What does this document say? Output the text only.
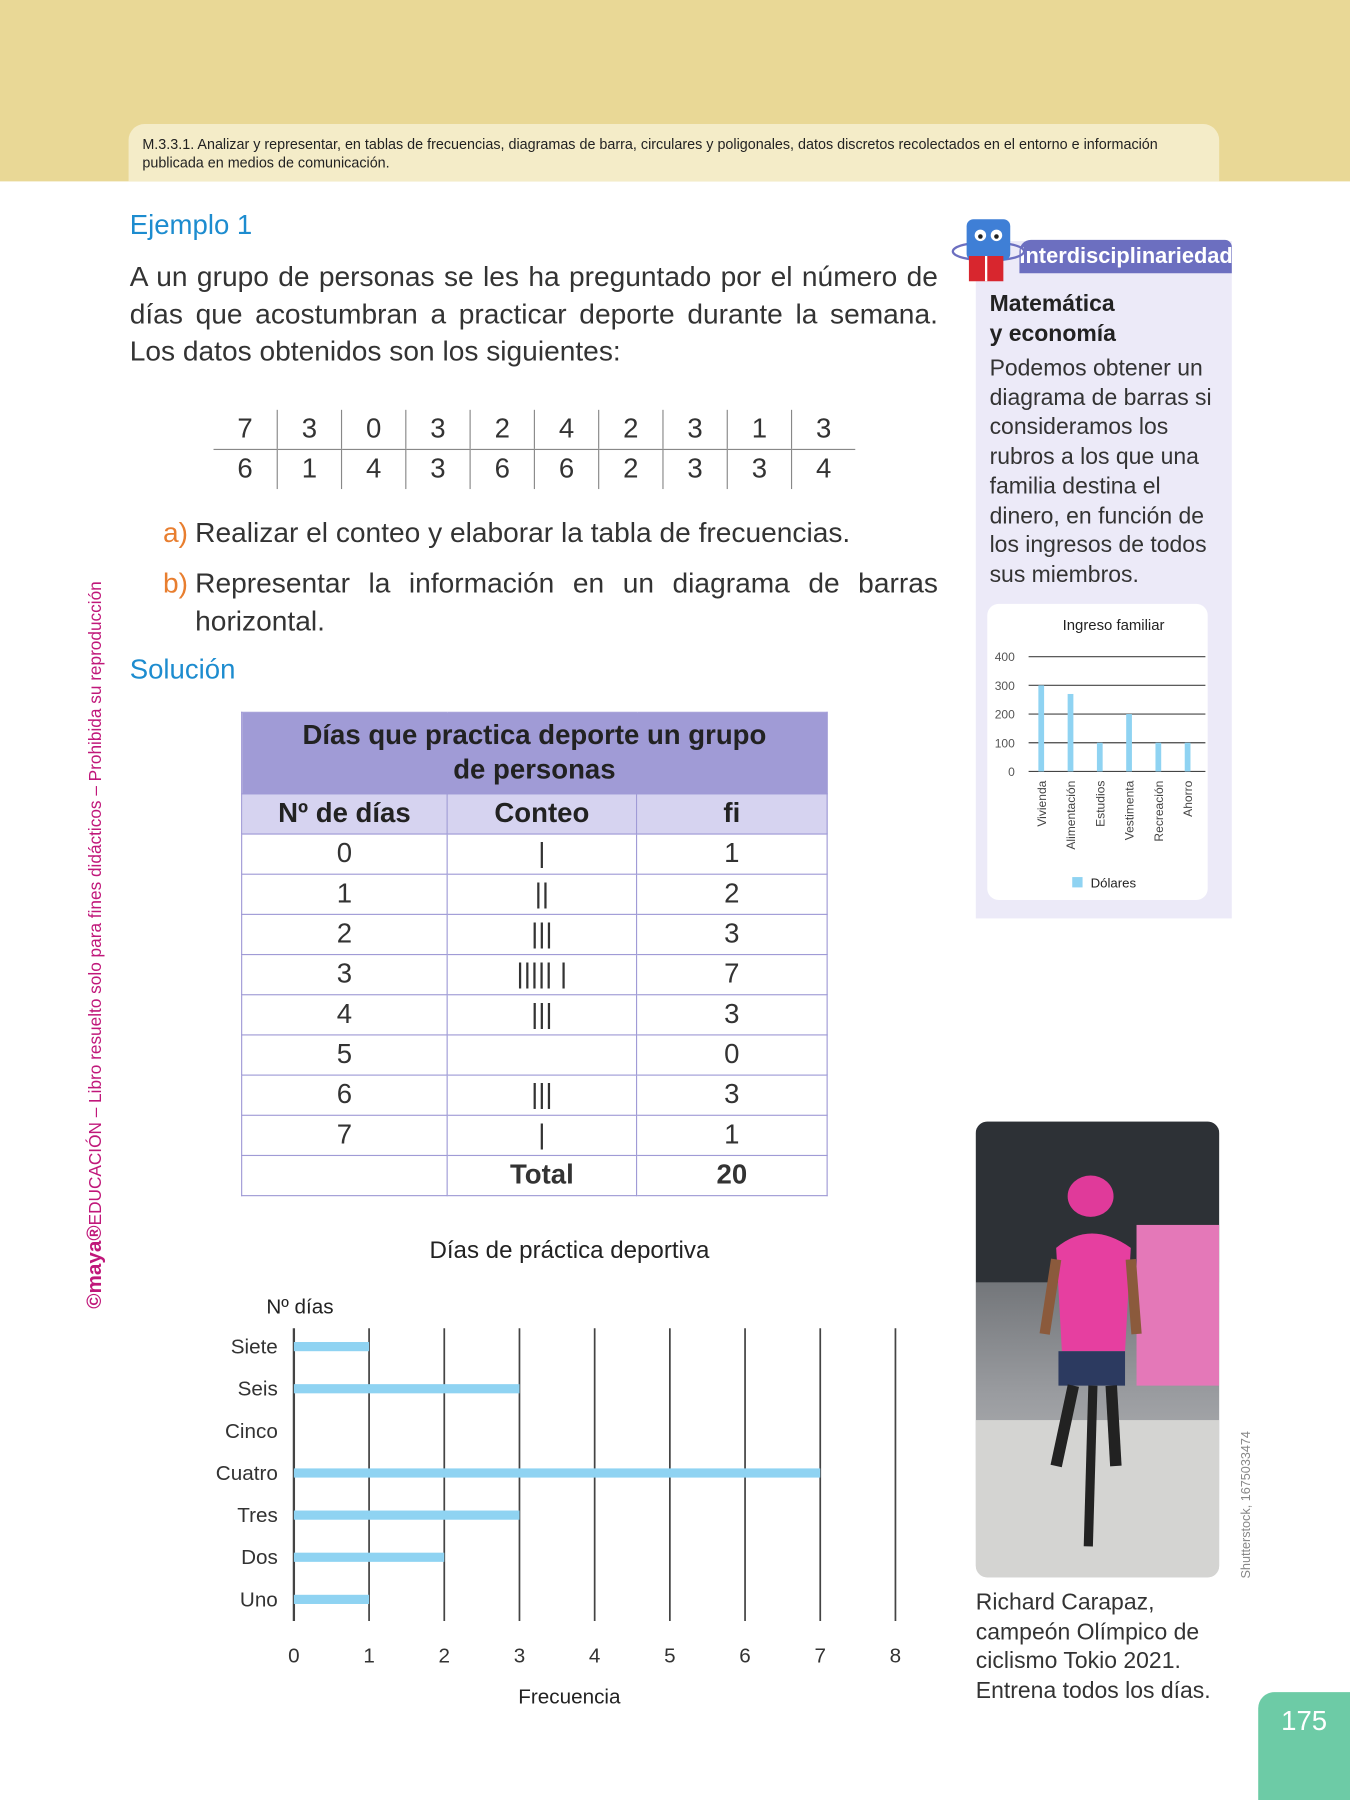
M.3.3.1. Analizar y representar, en tablas de frecuencias, diagramas de barra, circulares y poligonales, datos discretos recolectados en el entorno e información publicada en medios de comunicación.
©maya®EDUCACIÓN – Libro resuelto solo para fines didácticos – Prohibida su reproducción
Ejemplo 1
A un grupo de personas se les ha preguntado por el número de días que acostumbran a practicar deporte durante la semana. Los datos obtenidos son los siguientes:
7	3	0	3	2	4	2	3	1	3
6	1	4	3	6	6	2	3	3	4
a) Realizar el conteo y elaborar la tabla de frecuencias.
b) Representar la información en un diagrama de barras horizontal.
Solución
Días que practica deporte un grupo de personas		
Nº de días	Conteo	fi
0	|	1
1	||	2
2	|||	3
3	||||| |	7
4	|||	3
5		0
6	|||	3
7	|	1
	Total	20
Días de práctica deportiva
Nº días
0	1	2	3	4	5	6	7	8
Siete
Seis
Cinco
Cuatro
Tres
Dos
Uno
Frecuencia
Interdisciplinariedad
Matemática
y economía
Podemos obtener un diagrama de barras si consideramos los rubros a los que una familia destina el dinero, en función de los ingresos de todos sus miembros.
Ingreso familiar
0
100
200
300
400
Vivienda Alimentación Estudios Vestimenta Recreación Ahorro
Dólares
Richard Carapaz, campeón Olímpico de ciclismo Tokio 2021. Entrena todos los días.
Shutterstock, 1675033474
175
